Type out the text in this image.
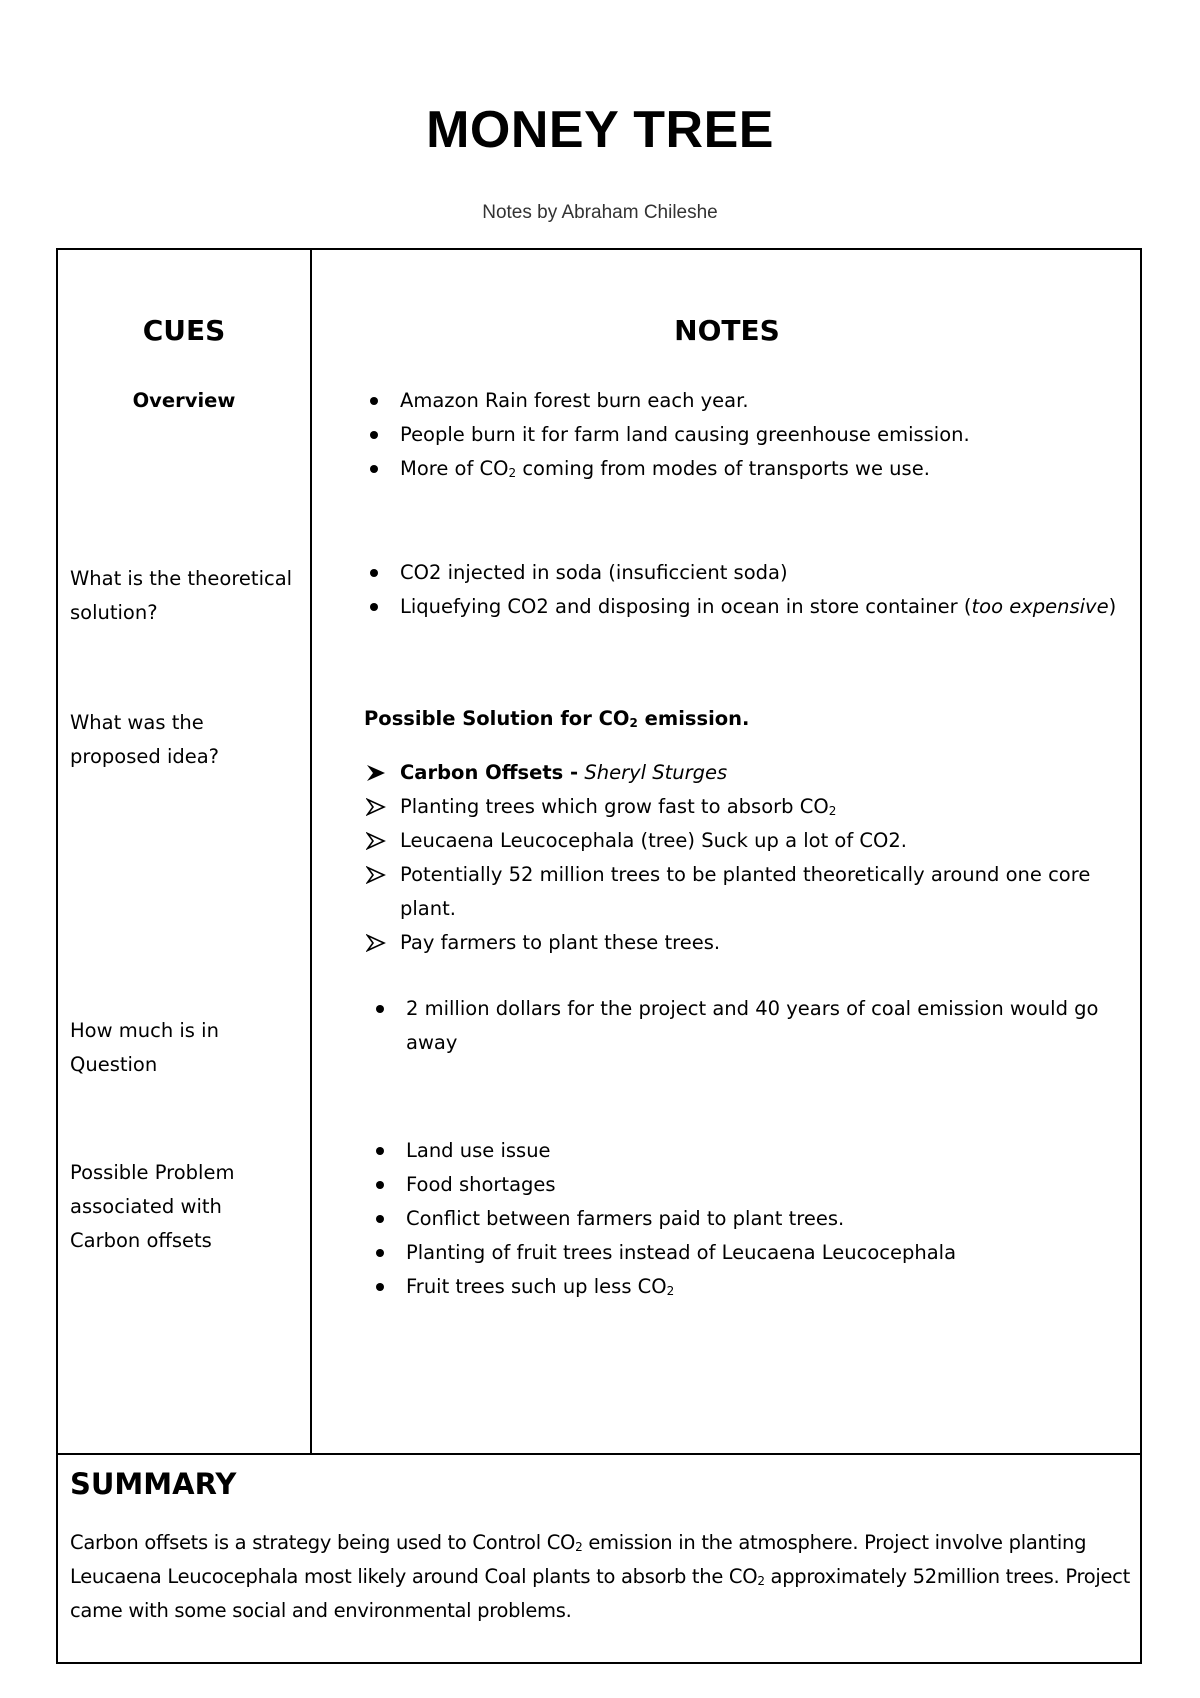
MONEY TREE
Notes by Abraham Chileshe
CUES	NOTES
Overview
What is the theoretical solution?
What was the proposed idea?
How much is in Question
Possible Problem associated with Carbon offsets
Amazon Rain forest burn each year.
People burn it for farm land causing greenhouse emission.
More of $CO_2$ coming from modes of transports we use.
CO2 injected in soda (insuficcient soda)
Liquefying CO2 and disposing in ocean in store container (too expensive)
Possible Solution for $CO_2$ emission.
Carbon Offsets - Sheryl Sturges
Planting trees which grow fast to absorb $CO_2$
Leucaena Leucocephala (tree) Suck up a lot of CO2.
Potentially 52 million trees to be planted theoretically around one core plant.
Pay farmers to plant these trees.
2 million dollars for the project and 40 years of coal emission would go away
Land use issue
Food shortages
Conflict between farmers paid to plant trees.
Planting of fruit trees instead of Leucaena Leucocephala
Fruit trees such up less $CO_2$
SUMMARY
Carbon offsets is a strategy being used to Control $CO_2$ emission in the atmosphere. Project involve planting Leucaena Leucocephala most likely around Coal plants to absorb the $CO_2$ approximately 52million trees. Project came with some social and environmental problems.
